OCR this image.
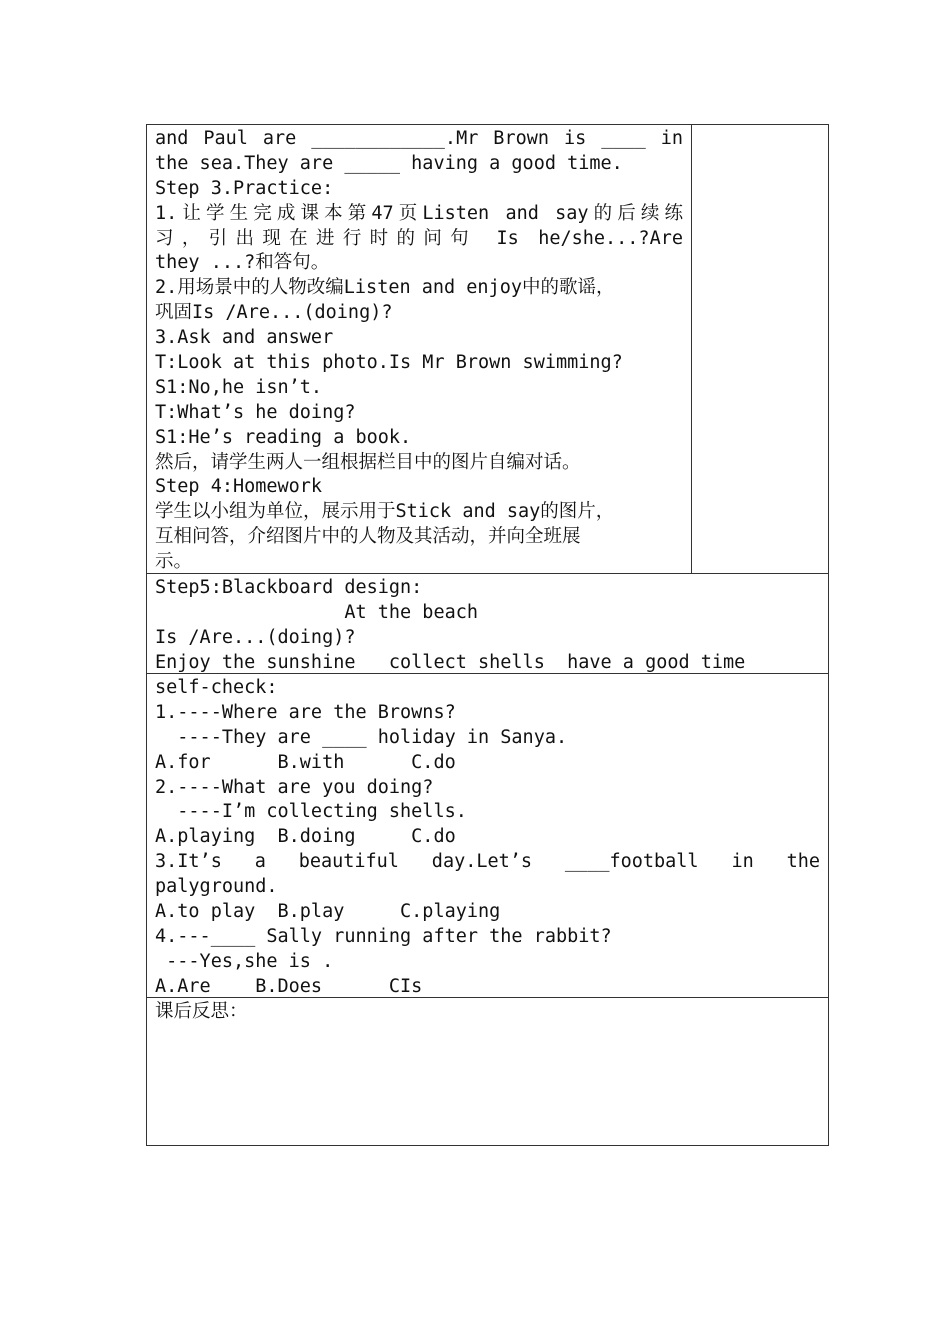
and Paul are ____________.Mr Brown is ____ in
the sea.They are _____ having a good time.
Step 3.Practice:
1.让学生完成课本第47页Listen and say的后续练
习，引出现在进行时的问句 Is he/she...?Are
they ...?和答句。
2.用场景中的人物改编Listen and enjoy中的歌谣，
巩固Is /Are...(doing)?
3.Ask and answer
T:Look at this photo.Is Mr Brown swimming?
S1:No,he isn’t.
T:What’s he doing?
S1:He’s reading a book.
然后，请学生两人一组根据栏目中的图片自编对话。
Step 4:Homework
学生以小组为单位，展示用于Stick and say的图片，
互相问答，介绍图片中的人物及其活动，并向全班展
示。

Step5:Blackboard design:
At the beach
Is /Are...(doing)?
Enjoy the sunshine   collect shells  have a good time

self-check:
1.----Where are the Browns?
----They are ____ holiday in Sanya.
A.for      B.with      C.do
2.----What are you doing?
----I’m collecting shells.
A.playing  B.doing     C.do
3.It’s a beautiful day.Let’s ____football in the
palyground.
A.to play  B.play     C.playing
4.---____ Sally running after the rabbit?
---Yes,she is .
A.Are    B.Does      CIs

课后反思：
